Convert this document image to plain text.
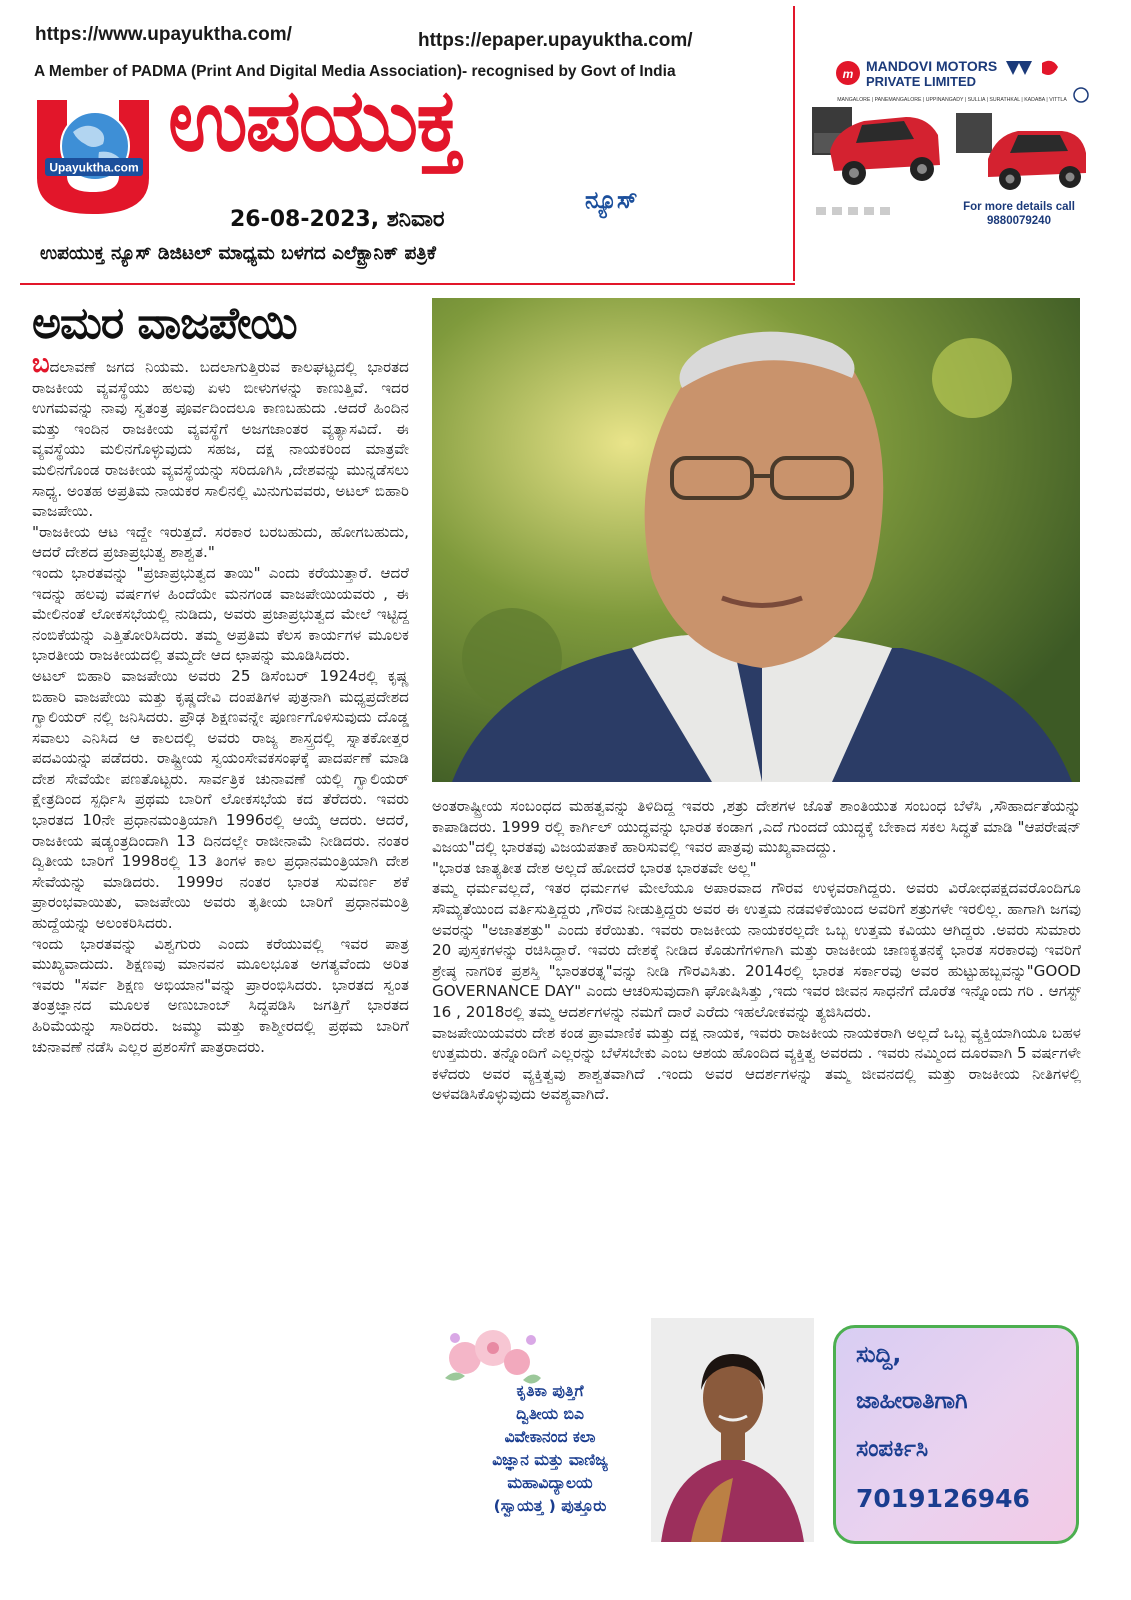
https://www.upayuktha.com/	https://epaper.upayuktha.com/
A Member of PADMA (Print And Digital Media Association)- recognised by Govt of India
Upayuktha.com ಉಪಯುಕ್ತ
ನ್ಯೂಸ್
26-08-2023, ಶನಿವಾರ
ಉಪಯುಕ್ತ ನ್ಯೂಸ್ ಡಿಜಿಟಲ್ ಮಾಧ್ಯಮ ಬಳಗದ ಎಲೆಕ್ಟ್ರಾನಿಕ್ ಪತ್ರಿಕೆ
m MANDOVI MOTORS
PRIVATE LIMITED
MANGALORE | PANEMANGALORE | UPPINANGADY | SULLIA | SURATHKAL | KADABA | VITTLA
For more details call
9880079240
ಅಮರ ವಾಜಪೇಯಿ

ಬದಲಾವಣೆ ಜಗದ ನಿಯಮ. ಬದಲಾಗುತ್ತಿರುವ ಕಾಲಘಟ್ಟದಲ್ಲಿ ಭಾರತದ ರಾಜಕೀಯ ವ್ಯವಸ್ಥೆಯು ಹಲವು ಏಳು ಬೀಳುಗಳನ್ನು ಕಾಣುತ್ತಿವೆ. ಇದರ ಉಗಮವನ್ನು ನಾವು ಸ್ವತಂತ್ರ ಪೂರ್ವದಿಂದಲೂ ಕಾಣಬಹುದು .ಆದರೆ ಹಿಂದಿನ ಮತ್ತು ಇಂದಿನ ರಾಜಕೀಯ ವ್ಯವಸ್ಥೆಗೆ ಅಜಗಜಾಂತರ ವ್ಯತ್ಯಾಸವಿದೆ. ಈ ವ್ಯವಸ್ಥೆಯು ಮಲಿನಗೊಳ್ಳುವುದು ಸಹಜ, ದಕ್ಷ ನಾಯಕರಿಂದ ಮಾತ್ರವೇ ಮಲಿನಗೊಂಡ ರಾಜಕೀಯ ವ್ಯವಸ್ಥೆಯನ್ನು ಸರಿದೂಗಿಸಿ ,ದೇಶವನ್ನು ಮುನ್ನಡೆಸಲು ಸಾಧ್ಯ. ಅಂತಹ ಅಪ್ರತಿಮ ನಾಯಕರ ಸಾಲಿನಲ್ಲಿ ಮಿನುಗುವವರು, ಅಟಲ್ ಬಿಹಾರಿ ವಾಜಪೇಯಿ.

"ರಾಜಕೀಯ ಆಟ ಇದ್ದೇ ಇರುತ್ತದೆ. ಸರಕಾರ ಬರಬಹುದು, ಹೋಗಬಹುದು, ಆದರೆ ದೇಶದ ಪ್ರಜಾಪ್ರಭುತ್ವ ಶಾಶ್ವತ."

ಇಂದು ಭಾರತವನ್ನು "ಪ್ರಜಾಪ್ರಭುತ್ವದ ತಾಯಿ" ಎಂದು ಕರೆಯುತ್ತಾರೆ. ಆದರೆ ಇದನ್ನು ಹಲವು ವರ್ಷಗಳ ಹಿಂದೆಯೇ ಮನಗಂಡ ವಾಜಪೇಯಿಯವರು , ಈ ಮೇಲಿನಂತೆ ಲೋಕಸಭೆಯಲ್ಲಿ ನುಡಿದು, ಅವರು ಪ್ರಜಾಪ್ರಭುತ್ವದ ಮೇಲೆ ಇಟ್ಟಿದ್ದ ನಂಬಿಕೆಯನ್ನು ಎತ್ತಿತೋರಿಸಿದರು. ತಮ್ಮ ಅಪ್ರತಿಮ ಕೆಲಸ ಕಾರ್ಯಗಳ ಮೂಲಕ ಭಾರತೀಯ ರಾಜಕೀಯದಲ್ಲಿ ತಮ್ಮದೇ ಆದ ಛಾಪನ್ನು ಮೂಡಿಸಿದರು.

ಅಟಲ್ ಬಿಹಾರಿ ವಾಜಪೇಯಿ ಅವರು 25 ಡಿಸೆಂಬರ್ 1924ರಲ್ಲಿ ಕೃಷ್ಣ ಬಿಹಾರಿ ವಾಜಪೇಯಿ ಮತ್ತು ಕೃಷ್ಣದೇವಿ ದಂಪತಿಗಳ ಪುತ್ರನಾಗಿ ಮಧ್ಯಪ್ರದೇಶದ ಗ್ವಾಲಿಯರ್ ನಲ್ಲಿ ಜನಿಸಿದರು. ಪ್ರೌಢ ಶಿಕ್ಷಣವನ್ನೇ ಪೂರ್ಣಗೊಳಿಸುವುದು ದೊಡ್ಡ ಸವಾಲು ಎನಿಸಿದ ಆ ಕಾಲದಲ್ಲಿ ಅವರು ರಾಜ್ಯ ಶಾಸ್ತ್ರದಲ್ಲಿ ಸ್ನಾತಕೋತ್ತರ ಪದವಿಯನ್ನು ಪಡೆದರು. ರಾಷ್ಟ್ರೀಯ ಸ್ವಯಂಸೇವಕಸಂಘಕ್ಕೆ ಪಾದರ್ಪಣೆ ಮಾಡಿ ದೇಶ ಸೇವೆಯೇ ಪಣತೊಟ್ಟರು. ಸಾರ್ವತ್ರಿಕ ಚುನಾವಣೆ ಯಲ್ಲಿ ಗ್ವಾಲಿಯರ್ ಕ್ಷೇತ್ರದಿಂದ ಸ್ಪರ್ಧಿಸಿ ಪ್ರಥಮ ಬಾರಿಗೆ ಲೋಕಸಭೆಯ ಕದ ತೆರೆದರು. ಇವರು ಭಾರತದ 10ನೇ ಪ್ರಧಾನಮಂತ್ರಿಯಾಗಿ 1996ರಲ್ಲಿ ಆಯ್ಕೆ ಆದರು. ಆದರೆ, ರಾಜಕೀಯ ಷಡ್ಯಂತ್ರದಿಂದಾಗಿ 13 ದಿನದಲ್ಲೇ ರಾಜೀನಾಮೆ ನೀಡಿದರು. ನಂತರ ದ್ವಿತೀಯ ಬಾರಿಗೆ 1998ರಲ್ಲಿ 13 ತಿಂಗಳ ಕಾಲ ಪ್ರಧಾನಮಂತ್ರಿಯಾಗಿ ದೇಶ ಸೇವೆಯನ್ನು ಮಾಡಿದರು. 1999ರ ನಂತರ ಭಾರತ ಸುವರ್ಣ ಶಕೆ ಪ್ರಾರಂಭವಾಯಿತು, ವಾಜಪೇಯಿ ಅವರು ತೃತೀಯ ಬಾರಿಗೆ ಪ್ರಧಾನಮಂತ್ರಿ ಹುದ್ದೆಯನ್ನು ಅಲಂಕರಿಸಿದರು.

ಇಂದು ಭಾರತವನ್ನು ವಿಶ್ವಗುರು ಎಂದು ಕರೆಯುವಲ್ಲಿ ಇವರ ಪಾತ್ರ ಮುಖ್ಯವಾದುದು. ಶಿಕ್ಷಣವು ಮಾನವನ ಮೂಲಭೂತ ಅಗತ್ಯವೆಂದು ಅರಿತ ಇವರು "ಸರ್ವ ಶಿಕ್ಷಣ ಅಭಿಯಾನ"ವನ್ನು ಪ್ರಾರಂಭಿಸಿದರು. ಭಾರತದ ಸ್ವಂತ ತಂತ್ರಜ್ಞಾನದ ಮೂಲಕ ಅಣುಬಾಂಬ್ ಸಿದ್ಧಪಡಿಸಿ ಜಗತ್ತಿಗೆ ಭಾರತದ ಹಿರಿಮೆಯನ್ನು ಸಾರಿದರು. ಜಮ್ಮು ಮತ್ತು ಕಾಶ್ಮೀರದಲ್ಲಿ ಪ್ರಥಮ ಬಾರಿಗೆ ಚುನಾವಣೆ ನಡೆಸಿ ಎಲ್ಲರ ಪ್ರಶಂಸೆಗೆ ಪಾತ್ರರಾದರು.

ಅಂತರಾಷ್ಟ್ರೀಯ ಸಂಬಂಧದ ಮಹತ್ವವನ್ನು ತಿಳಿದಿದ್ದ ಇವರು ,ಶತ್ರು ದೇಶಗಳ ಜೊತೆ ಶಾಂತಿಯುತ ಸಂಬಂಧ ಬೆಳೆಸಿ ,ಸೌಹಾರ್ದತೆಯನ್ನು ಕಾಪಾಡಿದರು. 1999 ರಲ್ಲಿ ಕಾರ್ಗಿಲ್ ಯುದ್ಧವನ್ನು ಭಾರತ ಕಂಡಾಗ ,ಎದೆ ಗುಂದದೆ ಯುದ್ಧಕ್ಕೆ ಬೇಕಾದ ಸಕಲ ಸಿದ್ಧತೆ ಮಾಡಿ "ಆಪರೇಷನ್ ವಿಜಯ"ದಲ್ಲಿ ಭಾರತವು ವಿಜಯಪತಾಕೆ ಹಾರಿಸುವಲ್ಲಿ ಇವರ ಪಾತ್ರವು ಮುಖ್ಯವಾದದ್ದು.

"ಭಾರತ ಜಾತ್ಯತೀತ ದೇಶ ಅಲ್ಲದೆ ಹೋದರೆ ಭಾರತ ಭಾರತವೇ ಅಲ್ಲ"

ತಮ್ಮ ಧರ್ಮವಲ್ಲದೆ, ಇತರ ಧರ್ಮಗಳ ಮೇಲೆಯೂ ಅಪಾರವಾದ ಗೌರವ ಉಳ್ಳವರಾಗಿದ್ದರು. ಅವರು ವಿರೋಧಪಕ್ಷದವರೊಂದಿಗೂ ಸೌಮ್ಯತೆಯಿಂದ ವರ್ತಿಸುತ್ತಿದ್ದರು ,ಗೌರವ ನೀಡುತ್ತಿದ್ದರು ಅವರ ಈ ಉತ್ತಮ ನಡವಳಿಕೆಯಿಂದ ಅವರಿಗೆ ಶತ್ರುಗಳೇ ಇರಲಿಲ್ಲ. ಹಾಗಾಗಿ ಜಗವು ಅವರನ್ನು "ಅಜಾತಶತ್ರು" ಎಂದು ಕರೆಯಿತು. ಇವರು ರಾಜಕೀಯ ನಾಯಕರಲ್ಲದೇ ಒಬ್ಬ ಉತ್ತಮ ಕವಿಯು ಆಗಿದ್ದರು .ಅವರು ಸುಮಾರು 20 ಪುಸ್ತಕಗಳನ್ನು ರಚಿಸಿದ್ದಾರೆ. ಇವರು ದೇಶಕ್ಕೆ ನೀಡಿದ ಕೊಡುಗೆಗಳಿಗಾಗಿ ಮತ್ತು ರಾಜಕೀಯ ಚಾಣಕ್ಯತನಕ್ಕೆ ಭಾರತ ಸರಕಾರವು ಇವರಿಗೆ ಶ್ರೇಷ್ಠ ನಾಗರಿಕ ಪ್ರಶಸ್ತಿ "ಭಾರತರತ್ನ"ವನ್ನು ನೀಡಿ ಗೌರವಿಸಿತು. 2014ರಲ್ಲಿ ಭಾರತ ಸರ್ಕಾರವು ಅವರ ಹುಟ್ಟುಹಬ್ಬವನ್ನು"GOOD GOVERNANCE DAY" ಎಂದು ಆಚರಿಸುವುದಾಗಿ ಘೋಷಿಸಿತ್ತು ,ಇದು ಇವರ ಜೀವನ ಸಾಧನೆಗೆ ದೊರೆತ ಇನ್ನೊಂದು ಗರಿ . ಆಗಸ್ಟ್ 16 , 2018ರಲ್ಲಿ ತಮ್ಮ ಆದರ್ಶಗಳನ್ನು ನಮಗೆ ದಾರೆ ಎರೆದು ಇಹಲೋಕವನ್ನು ತ್ಯಜಿಸಿದರು.

ವಾಜಪೇಯಿಯವರು ದೇಶ ಕಂಡ ಪ್ರಾಮಾಣಿಕ ಮತ್ತು ದಕ್ಷ ನಾಯಕ, ಇವರು ರಾಜಕೀಯ ನಾಯಕರಾಗಿ ಅಲ್ಲದೆ ಒಬ್ಬ ವ್ಯಕ್ತಿಯಾಗಿಯೂ ಬಹಳ ಉತ್ತಮರು. ತನ್ನೊಂದಿಗೆ ಎಲ್ಲರನ್ನು ಬೆಳೆಸಬೇಕು ಎಂಬ ಆಶಯ ಹೊಂದಿದ ವ್ಯಕ್ತಿತ್ವ ಅವರದು . ಇವರು ನಮ್ಮಿಂದ ದೂರವಾಗಿ 5 ವರ್ಷಗಳೇ ಕಳೆದರು ಅವರ ವ್ಯಕ್ತಿತ್ವವು ಶಾಶ್ವತವಾಗಿದೆ .ಇಂದು ಅವರ ಆದರ್ಶಗಳನ್ನು ತಮ್ಮ ಜೀವನದಲ್ಲಿ ಮತ್ತು ರಾಜಕೀಯ ನೀತಿಗಳಲ್ಲಿ ಅಳವಡಿಸಿಕೊಳ್ಳುವುದು ಅವಶ್ಯವಾಗಿದೆ.

ಕೃತಿಕಾ ಪುತ್ತಿಗೆ
ದ್ವಿತೀಯ ಬಿಎ
ವಿವೇಕಾನಂದ ಕಲಾ
ವಿಜ್ಞಾನ ಮತ್ತು ವಾಣಿಜ್ಯ
ಮಹಾವಿದ್ಯಾಲಯ
(ಸ್ವಾಯತ್ತ ) ಪುತ್ತೂರು
ಸುದ್ದಿ,
ಜಾಹೀರಾತಿಗಾಗಿ
ಸಂಪರ್ಕಿಸಿ
7019126946
